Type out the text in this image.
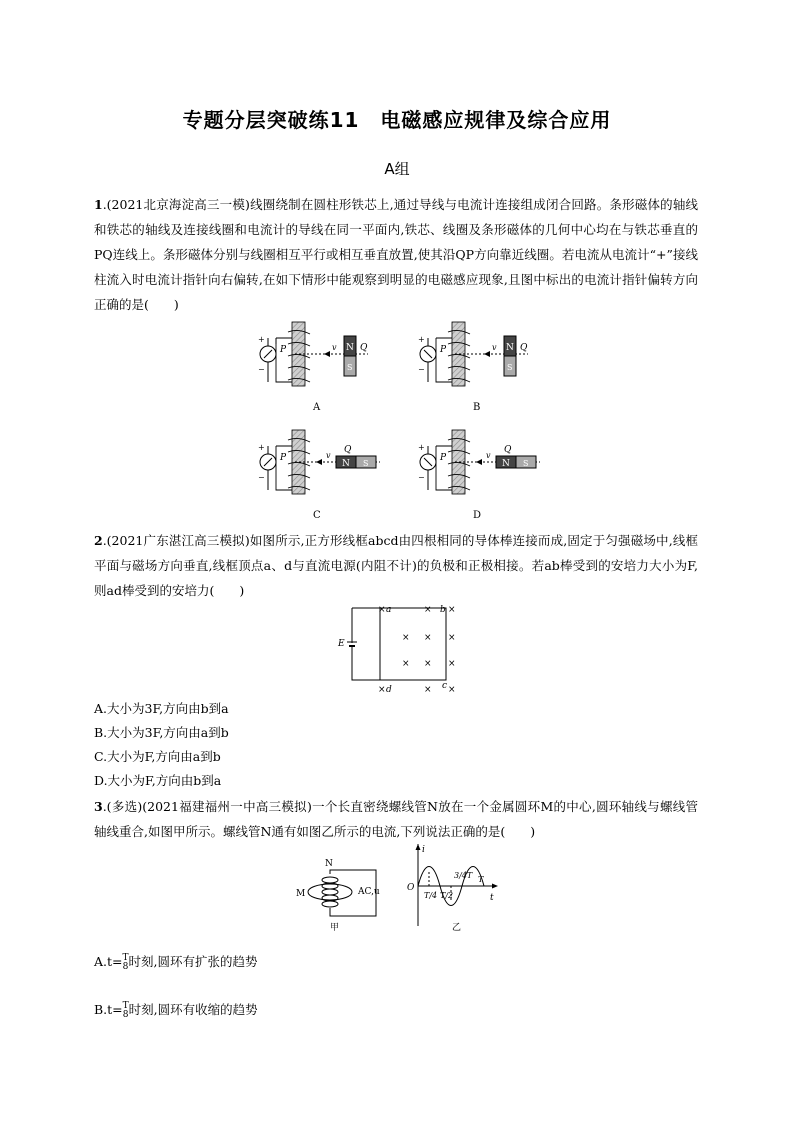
专题分层突破练11　电磁感应规律及综合应用
A组
1.(2021北京海淀高三一模)线圈绕制在圆柱形铁芯上,通过导线与电流计连接组成闭合回路。条形磁体的轴线和铁芯的轴线及连接线圈和电流计的导线在同一平面内,铁芯、线圈及条形磁体的几何中心均在与铁芯垂直的PQ连线上。条形磁体分别与线圈相互平行或相互垂直放置,使其沿QP方向靠近线圈。若电流从电流计“+”接线柱流入时电流计指针向右偏转,在如下情形中能观察到明显的电磁感应现象,且图中标出的电流计指针偏转方向正确的是(　　)
+
−
P	v N
S
Q
A
+
−
P	v N
S
Q
B
+
−
P	v
N S
Q
C
+
−
P	v
N S
Q
D
2.(2021广东湛江高三模拟)如图所示,正方形线框abcd由四根相同的导体棒连接而成,固定于匀强磁场中,线框平面与磁场方向垂直,线框顶点a、d与直流电源(内阻不计)的负极和正极相接。若ab棒受到的安培力大小为F,则ad棒受到的安培力(　　)
E
×	× ×
× × ×
× × ×
×	× ×
a	b
d	c
A.大小为3F,方向由b到a
B.大小为3F,方向由a到b
C.大小为F,方向由a到b
D.大小为F,方向由b到a
3.(多选)(2021福建福州一中高三模拟)一个长直密绕螺线管N放在一个金属圆环M的中心,圆环轴线与螺线管轴线重合,如图甲所示。螺线管N通有如图乙所示的电流,下列说法正确的是(　　)
N
M	AC,u
甲
i
t
O
T/4 T/2
3/4T T
乙
A.t= T
8 时刻,圆环有扩张的趋势
B.t= T
8 时刻,圆环有收缩的趋势
